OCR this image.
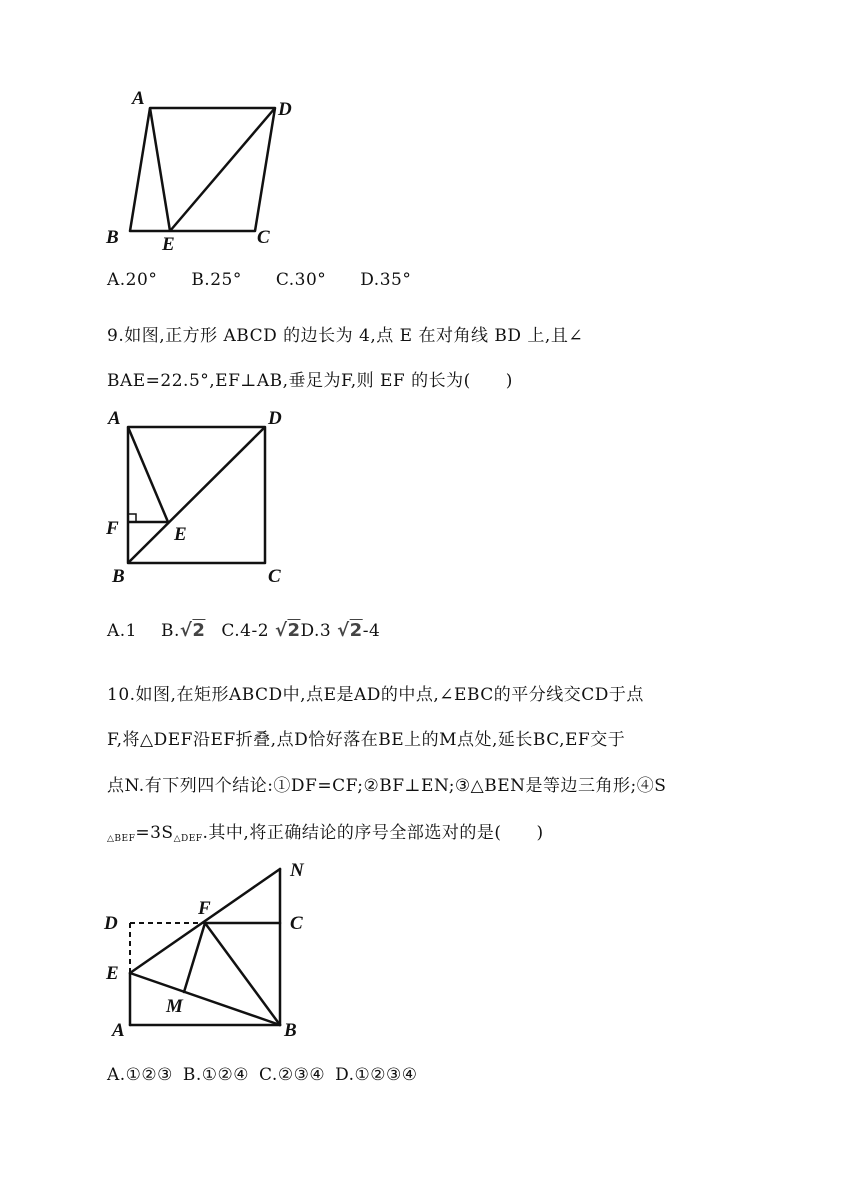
A
D
B E	C
A.20° B.25° C.30° D.35°
9.如图,正方形 ABCD 的边长为 4,点 E 在对角线 BD 上,且∠
BAE=22.5°,EF⊥AB,垂足为F,则 EF 的长为(　　)
A	D
F	E
B	C
A.1 B.√2 C.4-2 √2D.3 √2-4
10.如图,在矩形ABCD中,点E是AD的中点,∠EBC的平分线交CD于点
F,将△DEF沿EF折叠,点D恰好落在BE上的M点处,延长BC,EF交于
点N.有下列四个结论:①DF=CF;②BF⊥EN;③△BEN是等边三角形;④S
$_{\triangle BEF}=3S_{\triangle DEF}$.其中,将正确结论的序号全部选对的是(　　)
N
D
F
C
E
M
A	B
A.①②③ B.①②④ C.②③④ D.①②③④
